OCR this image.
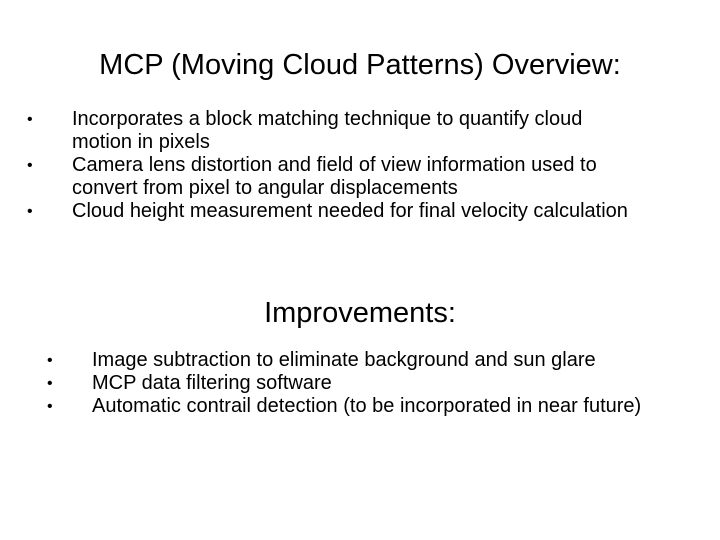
MCP (Moving Cloud Patterns) Overview:
• Incorporates a block matching technique to quantify cloud motion in pixels
• Camera lens distortion and field of view information used to convert from pixel to angular displacements
• Cloud height measurement needed for final velocity calculation
Improvements:
• Image subtraction to eliminate background and sun glare
• MCP data filtering software
• Automatic contrail detection (to be incorporated in near future)
